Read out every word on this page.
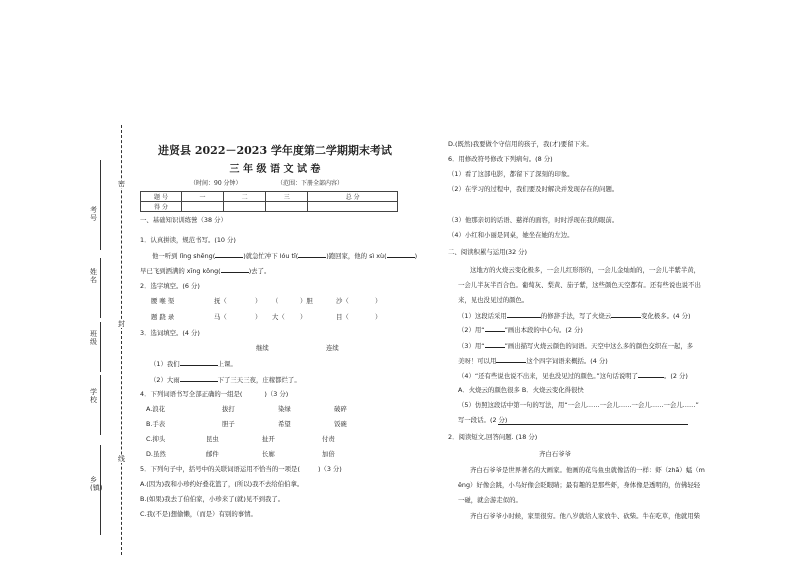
密
封
线
考号
姓名
班级
学校
乡(镇)
进贤县 2022－2023 学年度第二学期期末考试
三 年 级 语 文 试 卷
（时间：90 分钟）	（范围：下册全部内容）
题 号	一	二	三	总 分
得 分				
一、基础知识训练營（38 分）
1．认真拼读，规范书写。(10 分)
他一听到 lǐng shēng(	)就急忙冲下 lóu tī(	)跑回家，他的 sì xù(	)
早已飞到洒满的 xīng kōng(	)去了。
2．选字填空。(6 分)
腰 喉 渠	抚（	） （	）胆	沙（	）
题 跷 录	马（	） 大（ ）	目（	）
3．选词填空。(4 分)
继续	连续
（1）我们	上课。
（2）大雨	下了三天三夜，庄稼都烂了。
4．下列词语书写全部正确的一组是(	)（3 分)
A.浪花	拔打	染绿	破碎
B.手表	胆子	希望	饭碗
C.抑头	昆虫	扯开	付责
D.虽然	邮件	长廊	加倍
5．下列句子中，括号中的关联词语运用不恰当的一项是(	)（3 分)
A.(因为)我和小珍约好叠花篮了，(所以)我不去给伯伯拿。
B.(如果)我去了伯伯家，小珍来了(就)见不到我了。
C.我(不是)想偷懒，（而是）有别的事情。
D.(既然)我要做个守信用的孩子，我(才)要留下来。
6．用修改符号修改下列病句。(8 分)
（1）看了这部电影，都留下了深刻的印象。
（2）在学习的过程中，我们要及时解决并发现存在的问题。
（3）他那亲切的话语、慈祥的面容，时时浮现在我的眼前。
（4）小红和小丽是同桌，她坐在她的左边。
二、阅读积累与运用(32 分)
这地方的火烧云变化极多，一会儿红形形的，一会儿金灿灿的，一会儿半紫半黄，
一会儿半灰半百合色。葡萄灰、梨黄、茄子紫，这些颜色天空都有。还有些说也说不出
来，见也没见过的颜色。
（1）这段话采用	的修辞手法，写了火烧云	变化极多。(4 分)
（2）用“	”画出本段的中心句。(2 分)
（3）用“	”画出描写火烧云颜色的词语。天空中这么多的颜色交织在一起，多
美呀！可以用	这个四字词语来概括。(4 分)
（4）“还有些说也说不出来，见也没见过的颜色。”这句话说明了	。(2 分)
A．火烧云的颜色很多 B．火烧云变化得很快
（5）仿照这段话中第一句的写法，用“一会儿……一会儿……一会儿……一会儿……”
写一段话。(2 分)
2．阅读短文,回答问题. (18 分)
齐白石爷爷
齐白石爷爷是世界著名的大画家。他画的花鸟鱼虫就像活的一样：虾（zhā）蜢（m
ěng）好像会跳，小鸟好像会眨眼睛；最有趣的是那些虾，身体像是透明的，仿佛轻轻
一碰，就会游走似的。
齐白石爷爷小时候，家里很穷。他八岁就给人家放牛、砍柴。牛在吃草，他就用柴
